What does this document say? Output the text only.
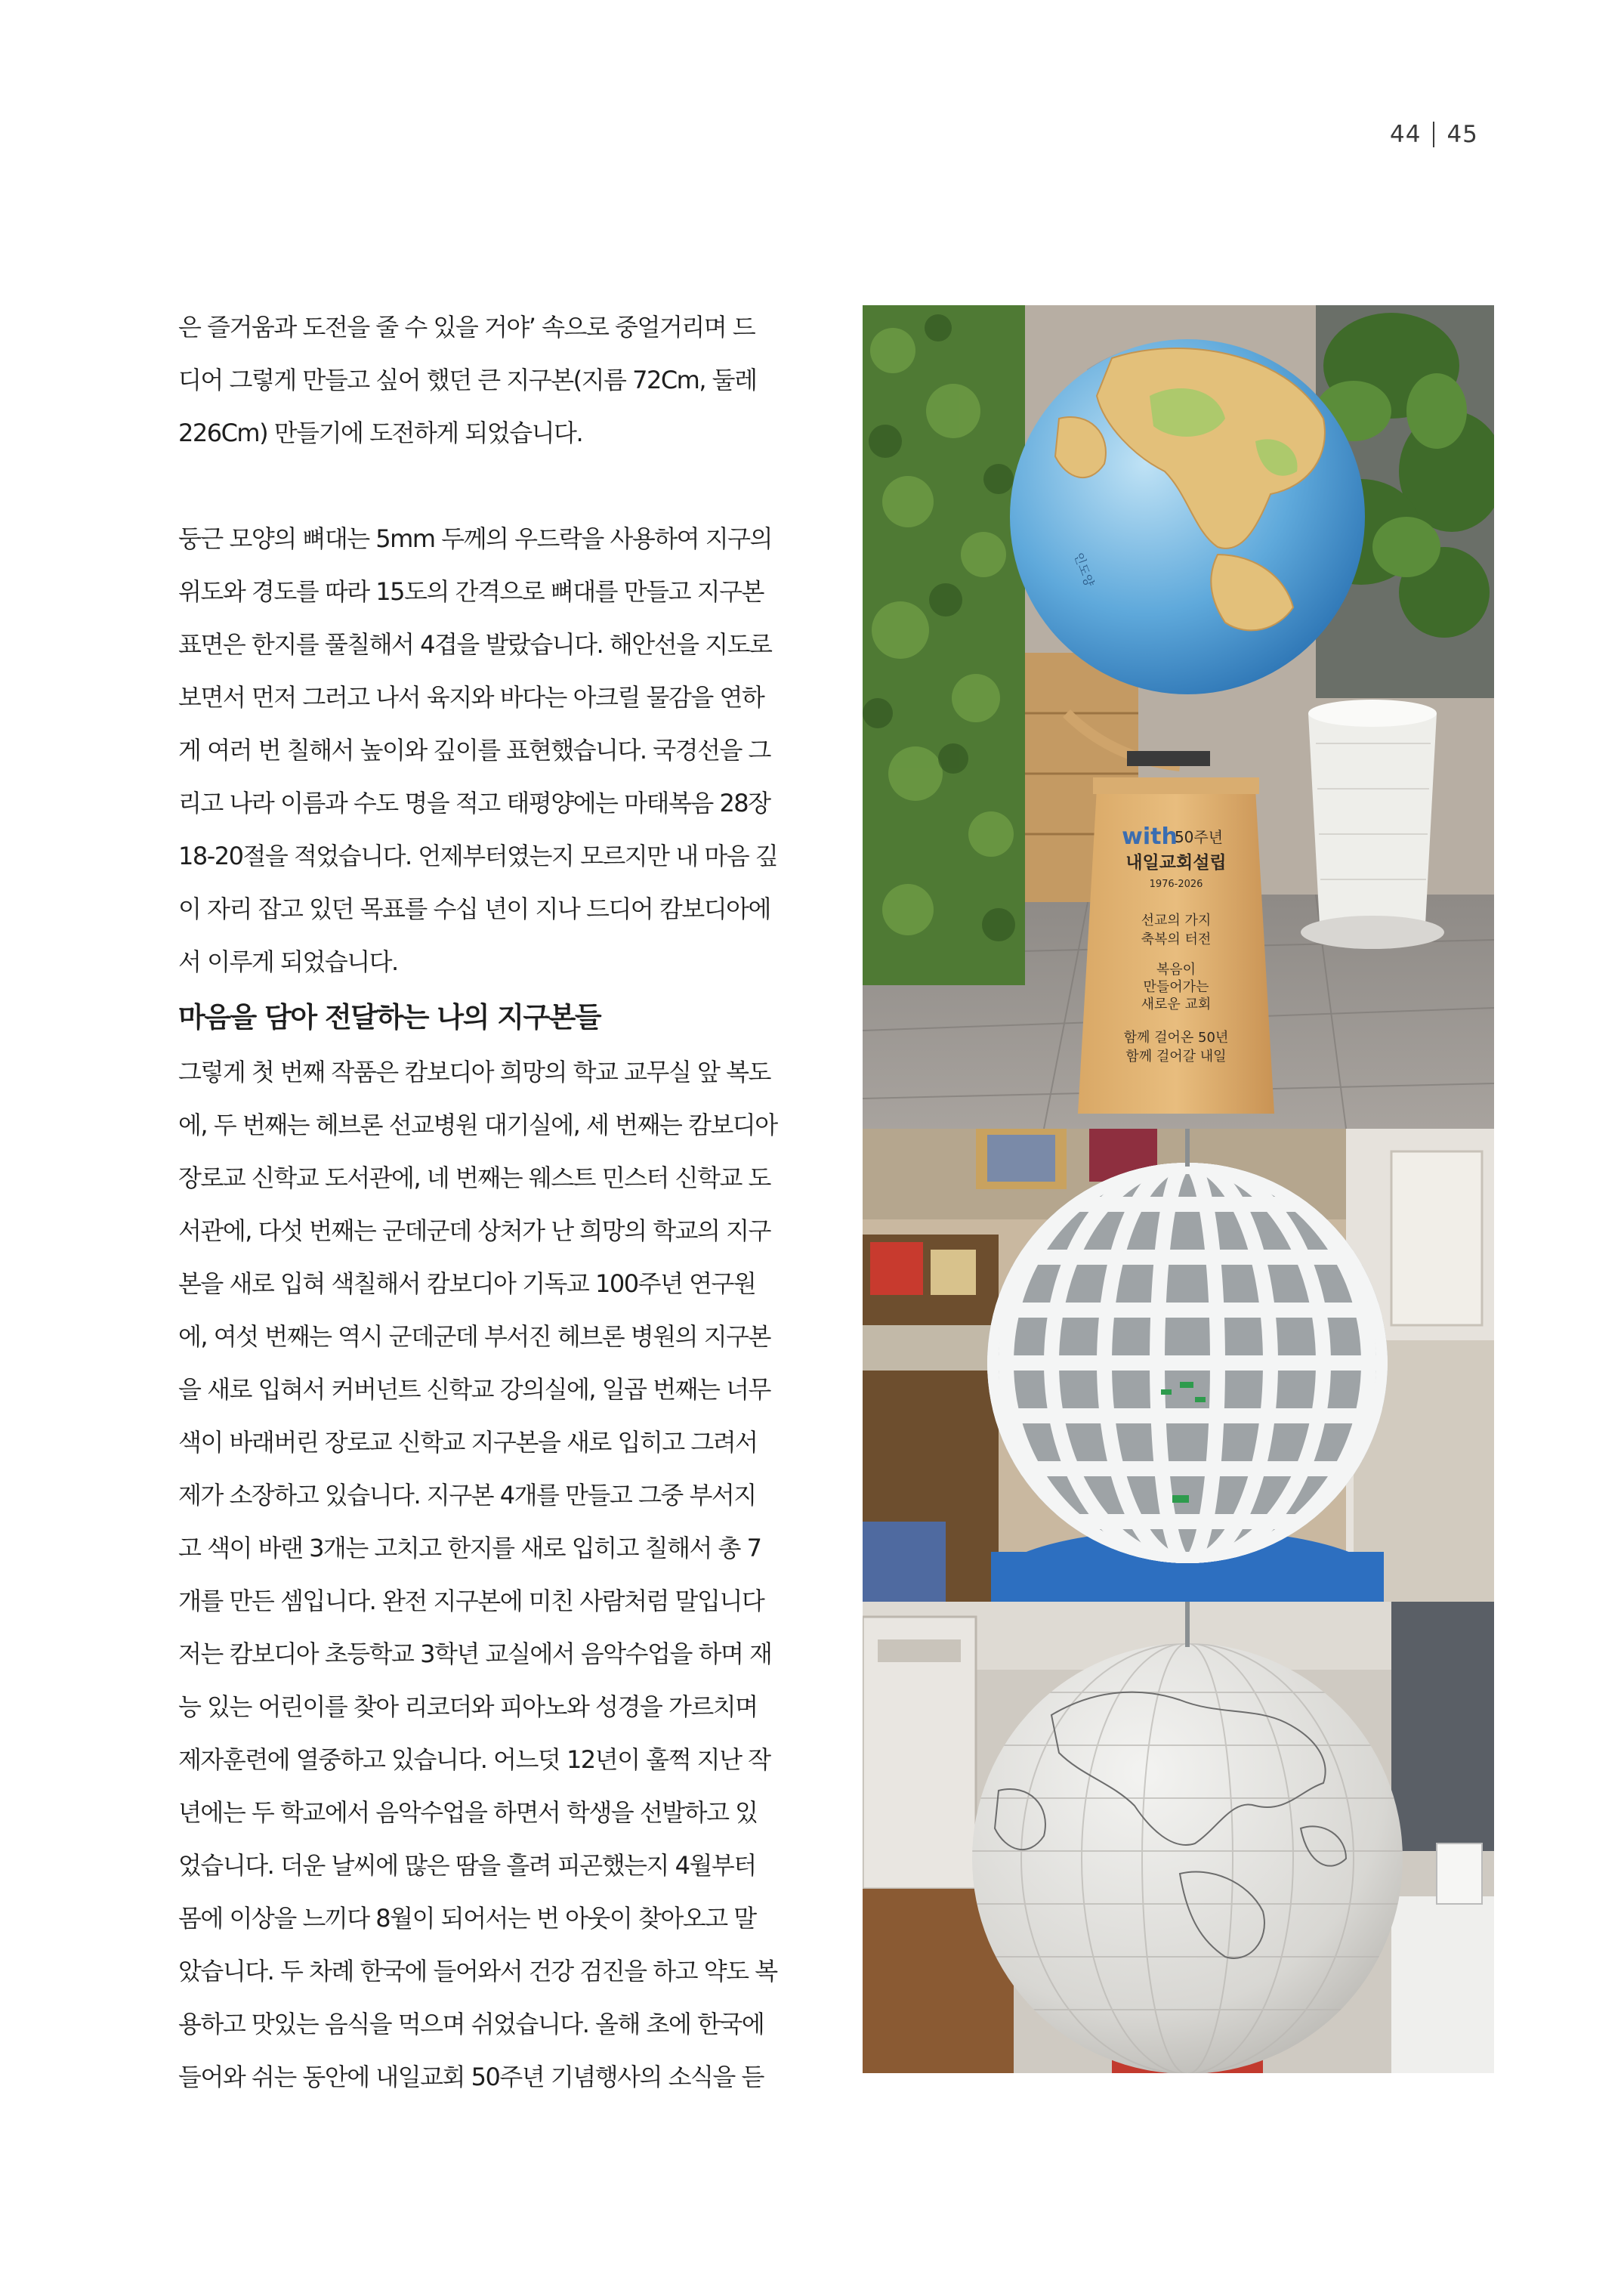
44 45

은 즐거움과 도전을 줄 수 있을 거야’ 속으로 중얼거리며 드

디어 그렇게 만들고 싶어 했던 큰 지구본(지름 72Cm, 둘레

226Cm) 만들기에 도전하게 되었습니다.

둥근 모양의 뼈대는 5mm 두께의 우드락을 사용하여 지구의

위도와 경도를 따라 15도의 간격으로 뼈대를 만들고 지구본

표면은 한지를 풀칠해서 4겹을 발랐습니다. 해안선을 지도로

보면서 먼저 그러고 나서 육지와 바다는 아크릴 물감을 연하

게 여러 번 칠해서 높이와 깊이를 표현했습니다. 국경선을 그

리고 나라 이름과 수도 명을 적고 태평양에는 마태복음 28장

18-20절을 적었습니다. 언제부터였는지 모르지만 내 마음 깊

이 자리 잡고 있던 목표를 수십 년이 지나 드디어 캄보디아에

서 이루게 되었습니다.

마음을 담아 전달하는 나의 지구본들

그렇게 첫 번째 작품은 캄보디아 희망의 학교 교무실 앞 복도

에, 두 번째는 헤브론 선교병원 대기실에, 세 번째는 캄보디아

장로교 신학교 도서관에, 네 번째는 웨스트 민스터 신학교 도

서관에, 다섯 번째는 군데군데 상처가 난 희망의 학교의 지구

본을 새로 입혀 색칠해서 캄보디아 기독교 100주년 연구원

에, 여섯 번째는 역시 군데군데 부서진 헤브론 병원의 지구본

을 새로 입혀서 커버넌트 신학교 강의실에, 일곱 번째는 너무

색이 바래버린 장로교 신학교 지구본을 새로 입히고 그려서

제가 소장하고 있습니다. 지구본 4개를 만들고 그중 부서지

고 색이 바랜 3개는 고치고 한지를 새로 입히고 칠해서 총 7

개를 만든 셈입니다. 완전 지구본에 미친 사람처럼 말입니다

저는 캄보디아 초등학교 3학년 교실에서 음악수업을 하며 재

능 있는 어린이를 찾아 리코더와 피아노와 성경을 가르치며

제자훈련에 열중하고 있습니다. 어느덧 12년이 훌쩍 지난 작

년에는 두 학교에서 음악수업을 하면서 학생을 선발하고 있

었습니다. 더운 날씨에 많은 땀을 흘려 피곤했는지 4월부터

몸에 이상을 느끼다 8월이 되어서는 번 아웃이 찾아오고 말

았습니다. 두 차례 한국에 들어와서 건강 검진을 하고 약도 복

용하고 맛있는 음식을 먹으며 쉬었습니다. 올해 초에 한국에

들어와 쉬는 동안에 내일교회 50주년 기념행사의 소식을 듣

인도양
with
50주년
내일교회설립
1976-2026
선교의 가지
축복의 터전
복음이
만들어가는
새로운 교회
함께 걸어온 50년
함께 걸어갈 내일
